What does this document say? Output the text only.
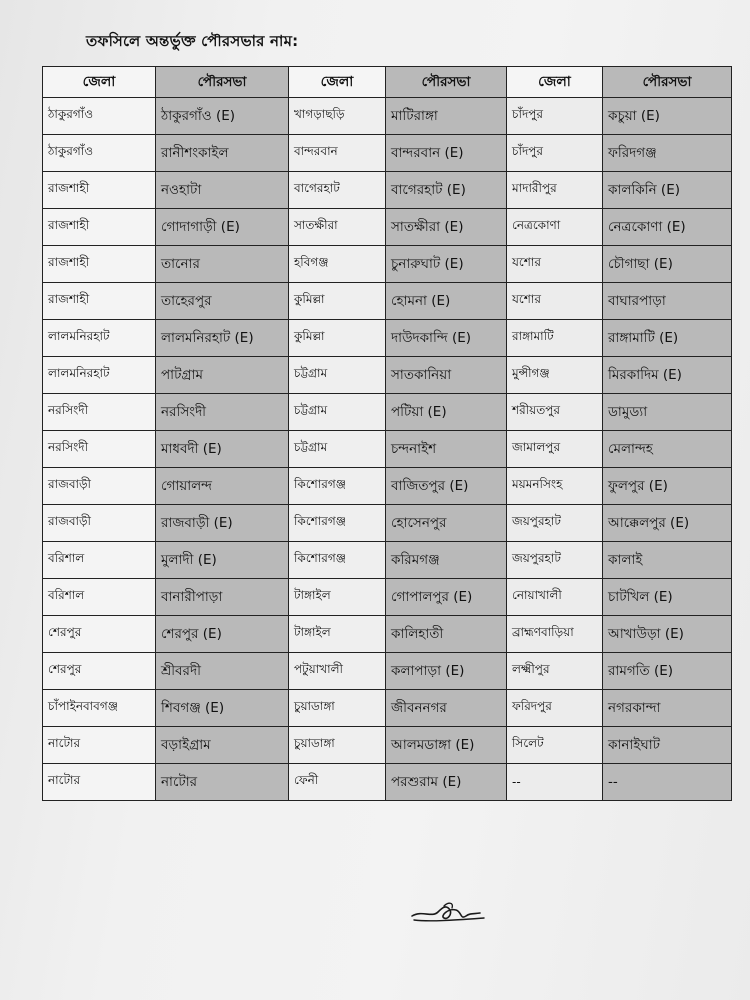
তফসিলে অন্তর্ভুক্ত পৌরসভার নাম:
জেলা	পৌরসভা	জেলা	পৌরসভা	জেলা	পৌরসভা
ঠাকুরগাঁও	ঠাকুরগাঁও (E)	খাগড়াছড়ি	মাটিরাঙ্গা	চাঁদপুর	কচুয়া (E)
ঠাকুরগাঁও	রানীশংকাইল	বান্দরবান	বান্দরবান (E)	চাঁদপুর	ফরিদগঞ্জ
রাজশাহী	নওহাটা	বাগেরহাট	বাগেরহাট (E)	মাদারীপুর	কালকিনি (E)
রাজশাহী	গোদাগাড়ী (E)	সাতক্ষীরা	সাতক্ষীরা (E)	নেত্রকোণা	নেত্রকোণা (E)
রাজশাহী	তানোর	হবিগঞ্জ	চুনারুঘাট (E)	যশোর	চৌগাছা (E)
রাজশাহী	তাহেরপুর	কুমিল্লা	হোমনা (E)	যশোর	বাঘারপাড়া
লালমনিরহাট	লালমনিরহাট (E)	কুমিল্লা	দাউদকান্দি (E)	রাঙ্গামাটি	রাঙ্গামাটি (E)
লালমনিরহাট	পাটগ্রাম	চট্টগ্রাম	সাতকানিয়া	মুন্সীগঞ্জ	মিরকাদিম (E)
নরসিংদী	নরসিংদী	চট্টগ্রাম	পটিয়া (E)	শরীয়তপুর	ডামুড্যা
নরসিংদী	মাধবদী (E)	চট্টগ্রাম	চন্দনাইশ	জামালপুর	মেলান্দহ
রাজবাড়ী	গোয়ালন্দ	কিশোরগঞ্জ	বাজিতপুর (E)	ময়মনসিংহ	ফুলপুর (E)
রাজবাড়ী	রাজবাড়ী (E)	কিশোরগঞ্জ	হোসেনপুর	জয়পুরহাট	আক্কেলপুর (E)
বরিশাল	মুলাদী (E)	কিশোরগঞ্জ	করিমগঞ্জ	জয়পুরহাট	কালাই
বরিশাল	বানারীপাড়া	টাঙ্গাইল	গোপালপুর (E)	নোয়াখালী	চাটখিল (E)
শেরপুর	শেরপুর (E)	টাঙ্গাইল	কালিহাতী	ব্রাহ্মণবাড়িয়া	আখাউড়া (E)
শেরপুর	শ্রীবরদী	পটুয়াখালী	কলাপাড়া (E)	লক্ষ্মীপুর	রামগতি (E)
চাঁপাইনবাবগঞ্জ	শিবগঞ্জ (E)	চুয়াডাঙ্গা	জীবননগর	ফরিদপুর	নগরকান্দা
নাটোর	বড়াইগ্রাম	চুয়াডাঙ্গা	আলমডাঙ্গা (E)	সিলেট	কানাইঘাট
নাটোর	নাটোর	ফেনী	পরশুরাম (E)	--	--
